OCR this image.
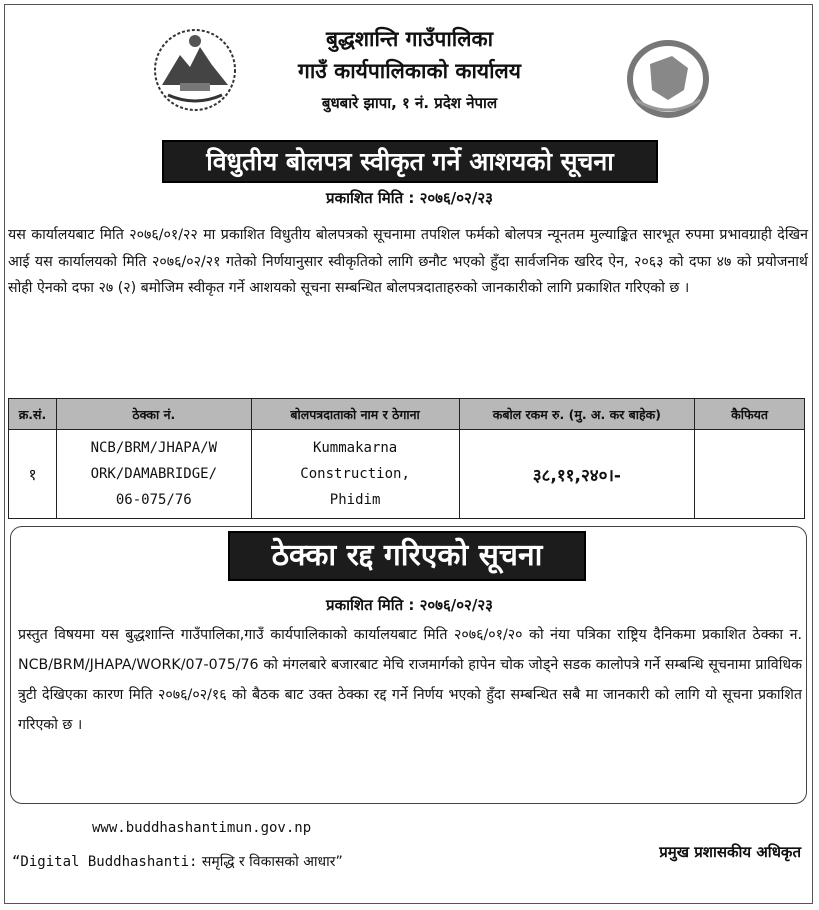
बुद्धशान्ति गाउँपालिका
गाउँ कार्यपालिकाको कार्यालय
बुधबारे झापा, १ नं. प्रदेश नेपाल
विधुतीय बोलपत्र स्वीकृत गर्ने आशयको सूचना
प्रकाशित मिति : २०७६/०२/२३
यस कार्यालयबाट मिति २०७६/०१/२२ मा प्रकाशित विधुतीय बोलपत्रको सूचनामा तपशिल फर्मको बोलपत्र न्यूनतम मुल्याङ्कित सारभूत रुपमा प्रभावग्राही देखिन आई यस कार्यालयको मिति २०७६/०२/२१ गतेको निर्णयानुसार स्वीकृतिको लागि छनौट भएको हुँदा सार्वजनिक खरिद ऐन, २०६३ को दफा ४७ को प्रयोजनार्थ सोही ऐनको दफा २७ (२) बमोजिम स्वीकृत गर्ने आशयको सूचना सम्बन्धित बोलपत्रदाताहरुको जानकारीको लागि प्रकाशित गरिएको छ ।
क्र.सं.	ठेक्का नं.	बोलपत्रदाताको नाम र ठेगाना	कबोल रकम रु. (मु. अ. कर बाहेक)	कैफियत
१	NCB/BRM/JHAPA/WORK/DAMABRIDGE/06-075/76	Kummakarna Construction, Phidim	३८,११,२४०।-	
ठेक्का रद्द गरिएको सूचना
प्रकाशित मिति : २०७६/०२/२३
प्रस्तुत विषयमा यस बुद्धशान्ति गाउँपालिका,गाउँ कार्यपालिकाको कार्यालयबाट मिति २०७६/०१/२० को नंया पत्रिका राष्ट्रिय दैनिकमा प्रकाशित ठेक्का न. NCB/BRM/JHAPA/WORK/07-075/76 को मंगलबारे बजारबाट मेचि राजमार्गको हापेन चोक जोड्ने सडक कालोपत्रे गर्ने सम्बन्धि सूचनामा प्राविधिक त्रुटी देखिएका कारण मिति २०७६/०२/१६ को बैठक बाट उक्त ठेक्का रद्द गर्ने निर्णय भएको हुँदा सम्बन्धित सबै मा जानकारी को लागि यो सूचना प्रकाशित गरिएको छ ।
www.buddhashantimun.gov.np
“Digital Buddhashanti: समृद्धि र विकासको आधार”
प्रमुख प्रशासकीय अधिकृत
